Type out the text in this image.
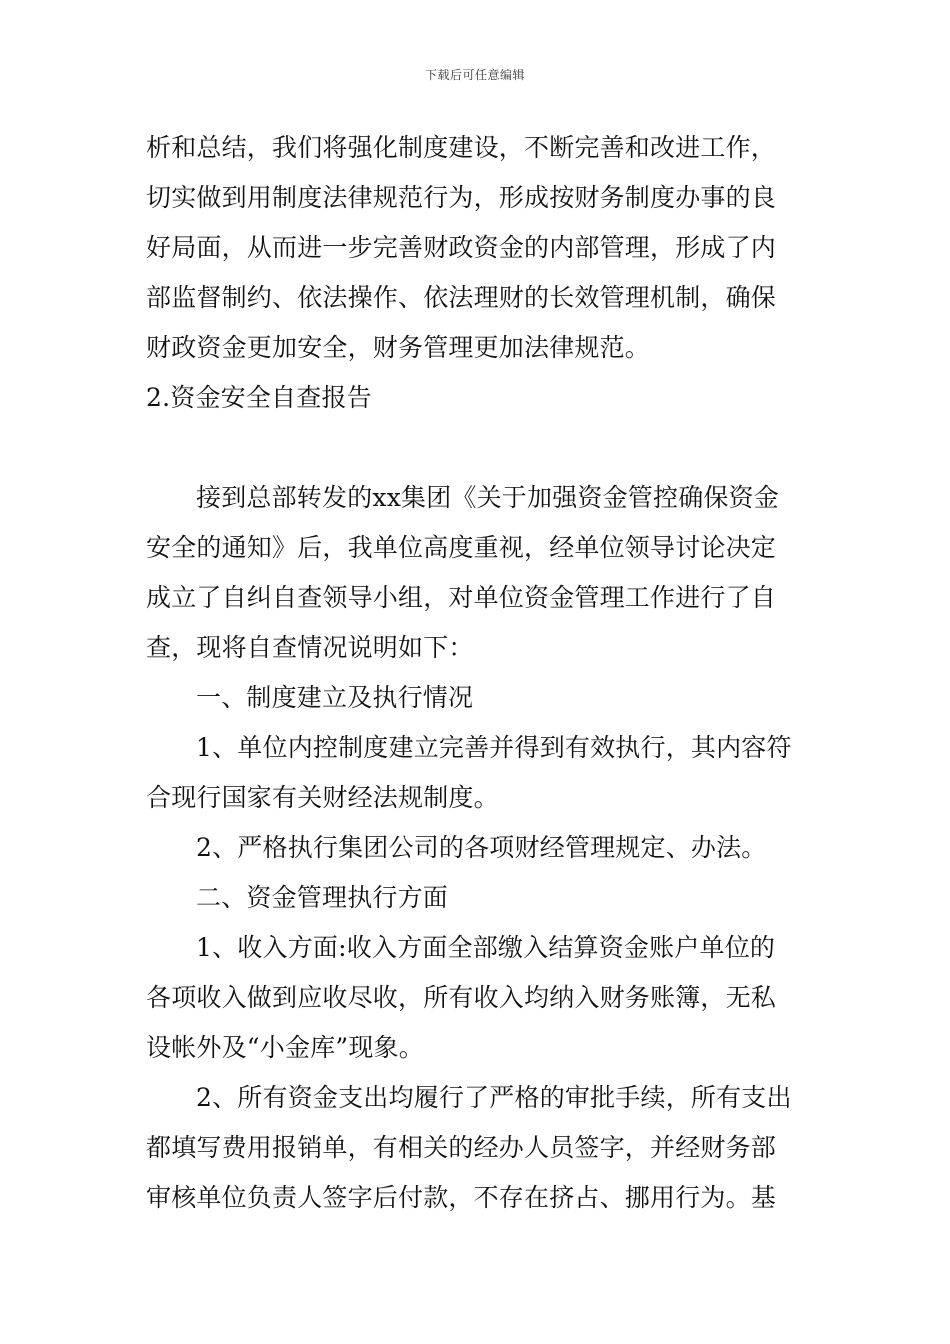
下载后可任意编辑
析和总结，我们将强化制度建设，不断完善和改进工作，
切实做到用制度法律规范行为，形成按财务制度办事的良
好局面，从而进一步完善财政资金的内部管理，形成了内
部监督制约、依法操作、依法理财的长效管理机制，确保
财政资金更加安全，财务管理更加法律规范。
2.资金安全自查报告
接到总部转发的xx集团《关于加强资金管控确保资金
安全的通知》后，我单位高度重视，经单位领导讨论决定
成立了自纠自查领导小组，对单位资金管理工作进行了自
查，现将自查情况说明如下：
一、制度建立及执行情况
1、单位内控制度建立完善并得到有效执行，其内容符
合现行国家有关财经法规制度。
2、严格执行集团公司的各项财经管理规定、办法。
二、资金管理执行方面
1、收入方面:收入方面全部缴入结算资金账户单位的
各项收入做到应收尽收，所有收入均纳入财务账簿，无私
设帐外及“小金库”现象。
2、所有资金支出均履行了严格的审批手续，所有支出
都填写费用报销单，有相关的经办人员签字，并经财务部
审核单位负责人签字后付款，不存在挤占、挪用行为。基
